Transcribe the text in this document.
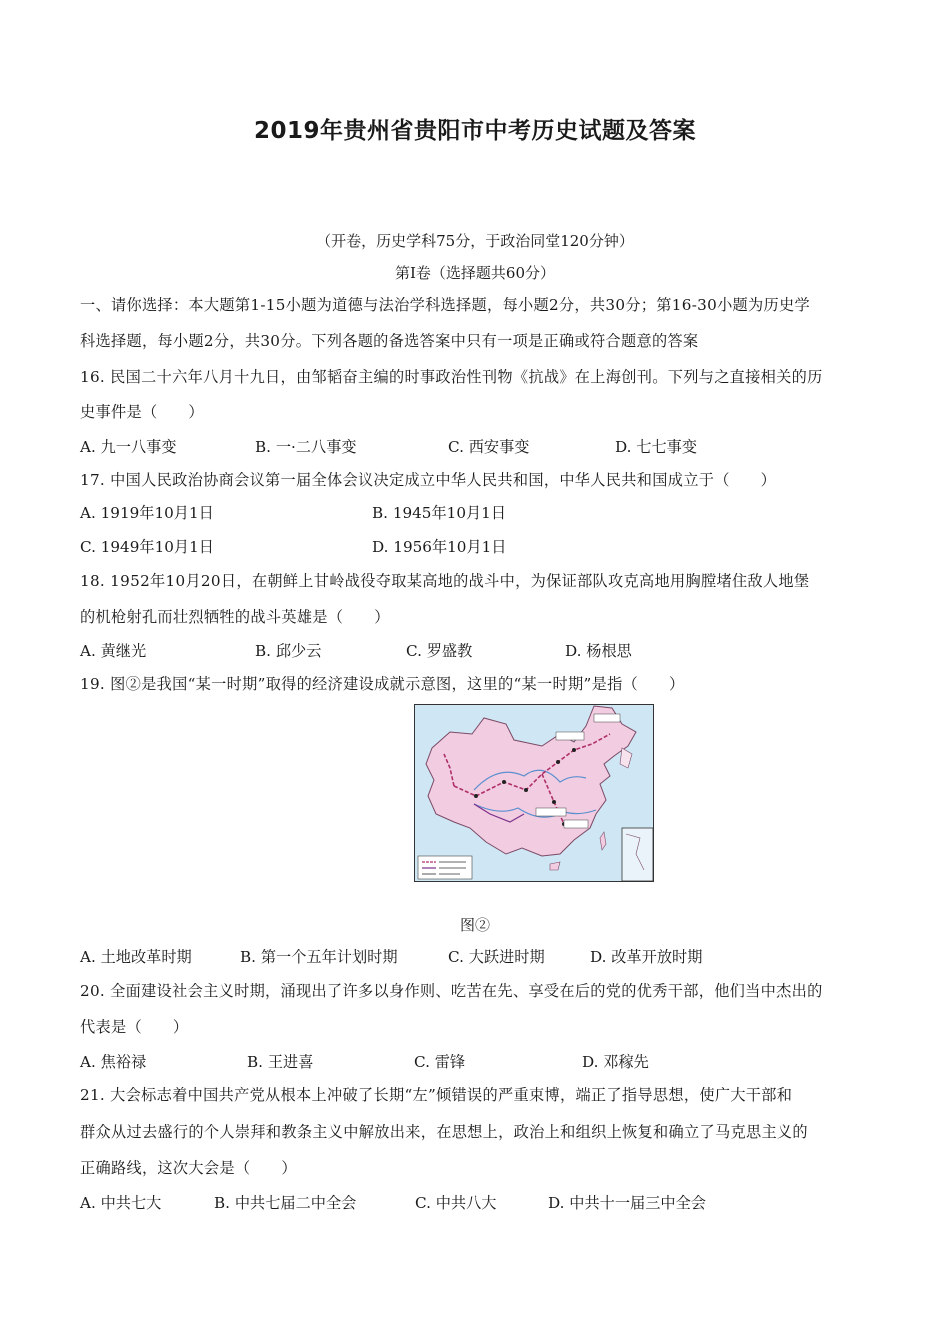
2019年贵州省贵阳市中考历史试题及答案
（开卷，历史学科75分，于政治同堂120分钟）
第Ⅰ卷（选择题共60分）
一、请你选择：本大题第1-15小题为道德与法治学科选择题，每小题2分，共30分；第16-30小题为历史学
科选择题，每小题2分，共30分。下列各题的备选答案中只有一项是正确或符合题意的答案
16. 民国二十六年八月十九日，由邹韬奋主编的时事政治性刊物《抗战》在上海创刊。下列与之直接相关的历
史事件是（　　）
A. 九一八事变	B. 一·二八事变	C. 西安事变	D. 七七事变
17. 中国人民政治协商会议第一届全体会议决定成立中华人民共和国，中华人民共和国成立于（　　）
A. 1919年10月1日	B. 1945年10月1日
C. 1949年10月1日	D. 1956年10月1日
18. 1952年10月20日，在朝鲜上甘岭战役夺取某高地的战斗中，为保证部队攻克高地用胸膛堵住敌人地堡
的机枪射孔而壮烈牺牲的战斗英雄是（　　）
A. 黄继光	B. 邱少云	C. 罗盛教	D. 杨根思
19. 图②是我国“某一时期”取得的经济建设成就示意图，这里的“某一时期”是指（　　）
图②
A. 土地改革时期	B. 第一个五年计划时期	C. 大跃进时期	D. 改革开放时期
20. 全面建设社会主义时期，涌现出了许多以身作则、吃苦在先、享受在后的党的优秀干部，他们当中杰出的
代表是（　　）
A. 焦裕禄	B. 王进喜	C. 雷锋	D. 邓稼先
21. 大会标志着中国共产党从根本上冲破了长期“左”倾错误的严重束博，端正了指导思想，使广大干部和
群众从过去盛行的个人崇拜和教条主义中解放出来，在思想上，政治上和组织上恢复和确立了马克思主义的
正确路线，这次大会是（　　）
A. 中共七大	B. 中共七届二中全会	C. 中共八大	D. 中共十一届三中全会
